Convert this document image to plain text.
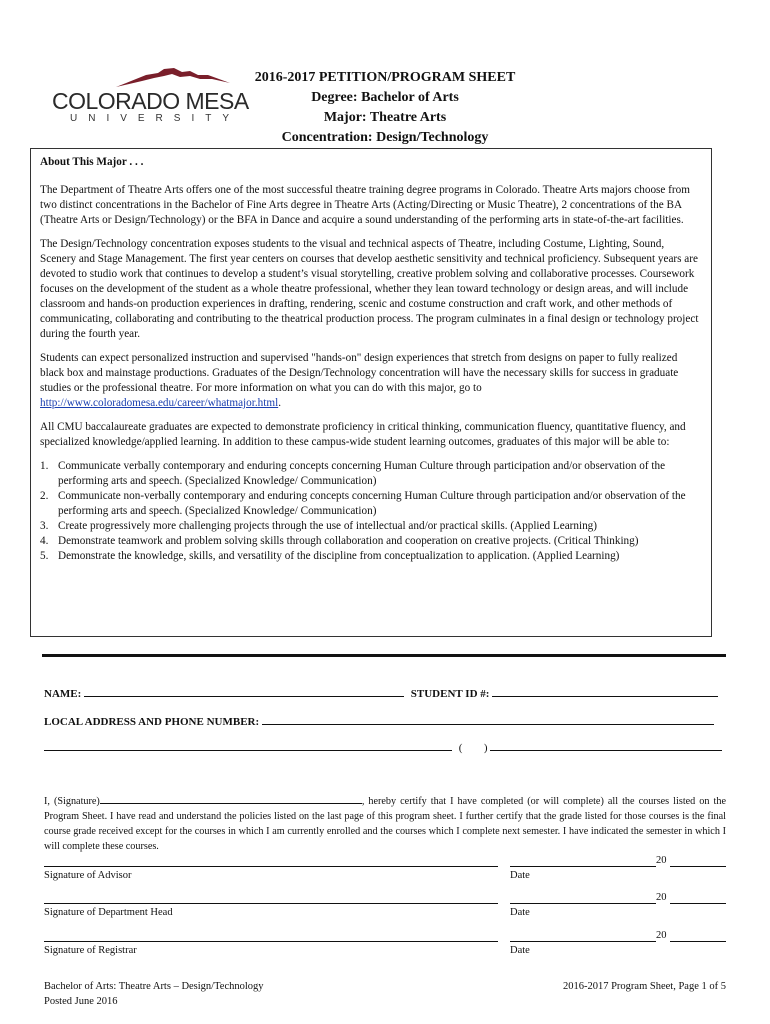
COLORADO MESA
UNIVERSITY
2016-2017 PETITION/PROGRAM SHEET
Degree: Bachelor of Arts
Major: Theatre Arts
Concentration: Design/Technology

About This Major . . .

The Department of Theatre Arts offers one of the most successful theatre training degree programs in Colorado. Theatre Arts majors choose from two distinct concentrations in the Bachelor of Fine Arts degree in Theatre Arts (Acting/Directing or Music Theatre), 2 concentrations of the BA (Theatre Arts or Design/Technology) or the BFA in Dance and acquire a sound understanding of the performing arts in state-of-the-art facilities.

The Design/Technology concentration exposes students to the visual and technical aspects of Theatre, including Costume, Lighting, Sound, Scenery and Stage Management. The first year centers on courses that develop aesthetic sensitivity and technical proficiency. Subsequent years are devoted to studio work that continues to develop a student’s visual storytelling, creative problem solving and collaborative processes. Coursework focuses on the development of the student as a whole theatre professional, whether they lean toward technology or design areas, and will include classroom and hands-on production experiences in drafting, rendering, scenic and costume construction and craft work, and other methods of communicating, collaborating and contributing to the theatrical production process. The program culminates in a final design or technology project during the fourth year.

Students can expect personalized instruction and supervised "hands-on" design experiences that stretch from designs on paper to fully realized black box and mainstage productions. Graduates of the Design/Technology concentration will have the necessary skills for success in graduate studies or the professional theatre. For more information on what you can do with this major, go to http://www.coloradomesa.edu/career/whatmajor.html.

All CMU baccalaureate graduates are expected to demonstrate proficiency in critical thinking, communication fluency, quantitative fluency, and specialized knowledge/applied learning. In addition to these campus-wide student learning outcomes, graduates of this major will be able to:

1. Communicate verbally contemporary and enduring concepts concerning Human Culture through participation and/or observation of the performing arts and speech. (Specialized Knowledge/ Communication)
2. Communicate non-verbally contemporary and enduring concepts concerning Human Culture through participation and/or observation of the performing arts and speech. (Specialized Knowledge/ Communication)
3. Create progressively more challenging projects through the use of intellectual and/or practical skills. (Applied Learning)
4. Demonstrate teamwork and problem solving skills through collaboration and cooperation on creative projects. (Critical Thinking)
5. Demonstrate the knowledge, skills, and versatility of the discipline from conceptualization to application. (Applied Learning)
NAME:	STUDENT ID #:
LOCAL ADDRESS AND PHONE NUMBER:
( )
I, (Signature)	, hereby certify that I have completed (or will complete) all the courses listed on the Program Sheet. I have read and understand the policies listed on the last page of this program sheet. I further certify that the grade listed for those courses is the final course grade received except for the courses in which I am currently enrolled and the courses which I complete next semester. I have indicated the semester in which I will complete these courses.
20
Signature of Advisor	Date
20
Signature of Department Head	Date
20
Signature of Registrar	Date
Bachelor of Arts: Theatre Arts – Design/Technology
Posted June 2016
2016-2017 Program Sheet, Page 1 of 5
